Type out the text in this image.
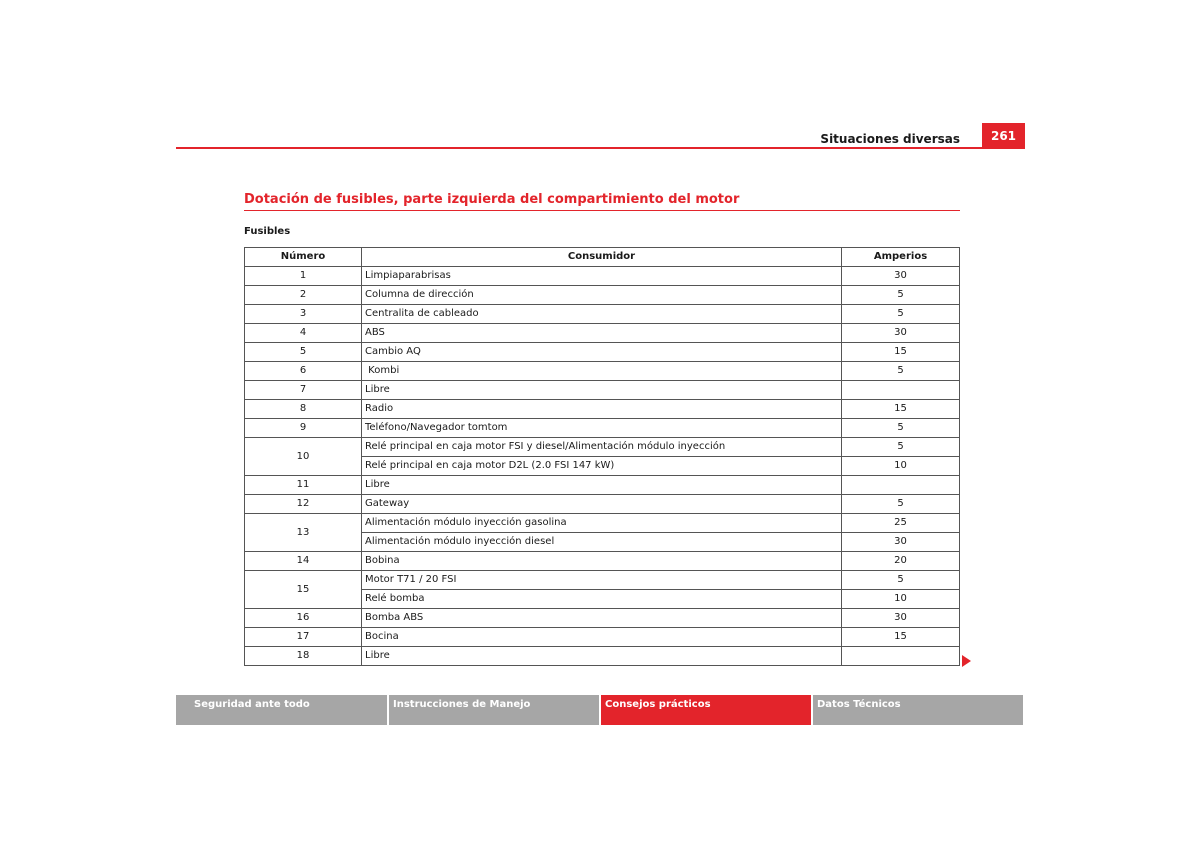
Situaciones diversas	261
Dotación de fusibles, parte izquierda del compartimiento del motor
Fusibles
Número	Consumidor	Amperios
1	Limpiaparabrisas	30
2	Columna de dirección	5
3	Centralita de cableado	5
4	ABS	30
5	Cambio AQ	15
6	Kombi	5
7	Libre	
8	Radio	15
9	Teléfono/Navegador tomtom	5
10	Relé principal en caja motor FSI y diesel/Alimentación módulo inyección	5
	Relé principal en caja motor D2L (2.0 FSI 147 kW)	10
11	Libre	
12	Gateway	5
13	Alimentación módulo inyección gasolina	25
	Alimentación módulo inyección diesel	30
14	Bobina	20
15	Motor T71 / 20 FSI	5
	Relé bomba	10
16	Bomba ABS	30
17	Bocina	15
18	Libre	
Seguridad ante todo	Instrucciones de Manejo	Consejos prácticos	Datos Técnicos
